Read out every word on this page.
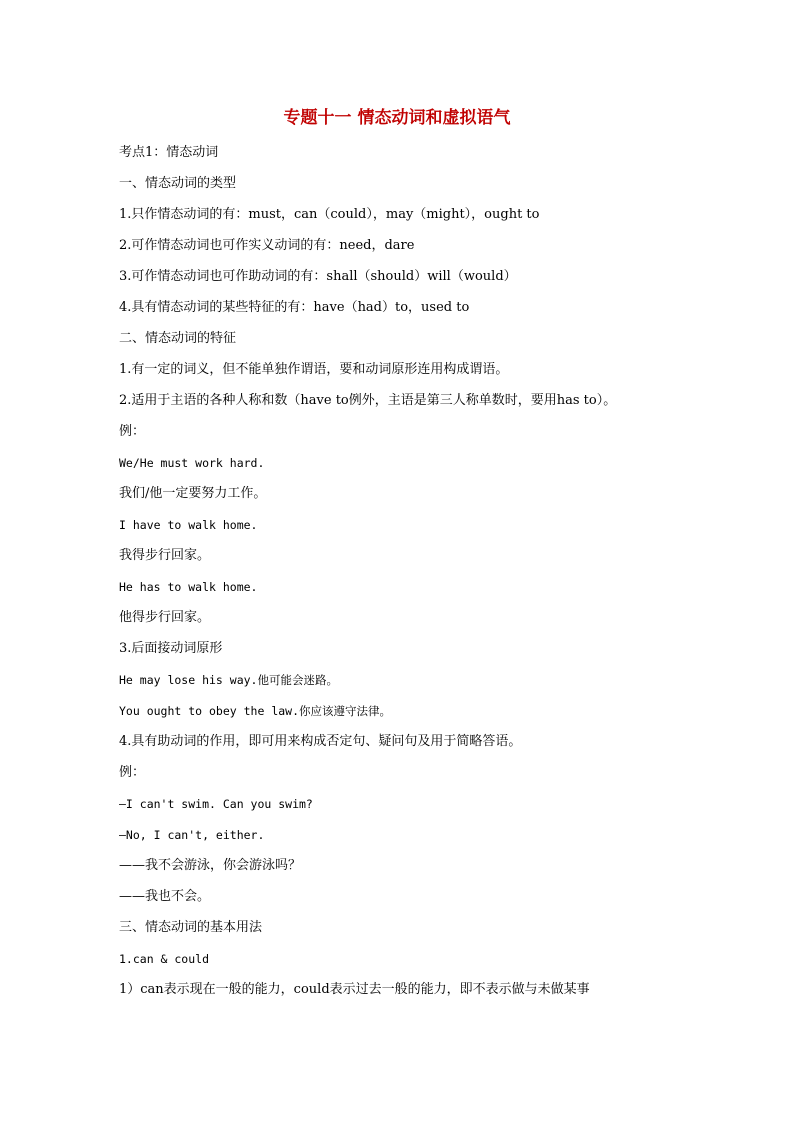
专题十一 情态动词和虚拟语气
考点1：情态动词
一、情态动词的类型
1.只作情态动词的有：must，can（could），may（might），ought to
2.可作情态动词也可作实义动词的有：need，dare
3.可作情态动词也可作助动词的有：shall（should）will（would）
4.具有情态动词的某些特征的有：have（had）to，used to
二、情态动词的特征
1.有一定的词义，但不能单独作谓语，要和动词原形连用构成谓语。
2.适用于主语的各种人称和数（have to例外，主语是第三人称单数时，要用has to）。
例：
We/He must work hard.
我们/他一定要努力工作。
I have to walk home.
我得步行回家。
He has to walk home.
他得步行回家。
3.后面接动词原形
He may lose his way.他可能会迷路。
You ought to obey the law.你应该遵守法律。
4.具有助动词的作用，即可用来构成否定句、疑问句及用于简略答语。
例：
—I can't swim. Can you swim?
—No, I can't, either.
——我不会游泳，你会游泳吗？
——我也不会。
三、情态动词的基本用法
1.can & could
1）can表示现在一般的能力，could表示过去一般的能力，即不表示做与未做某事
